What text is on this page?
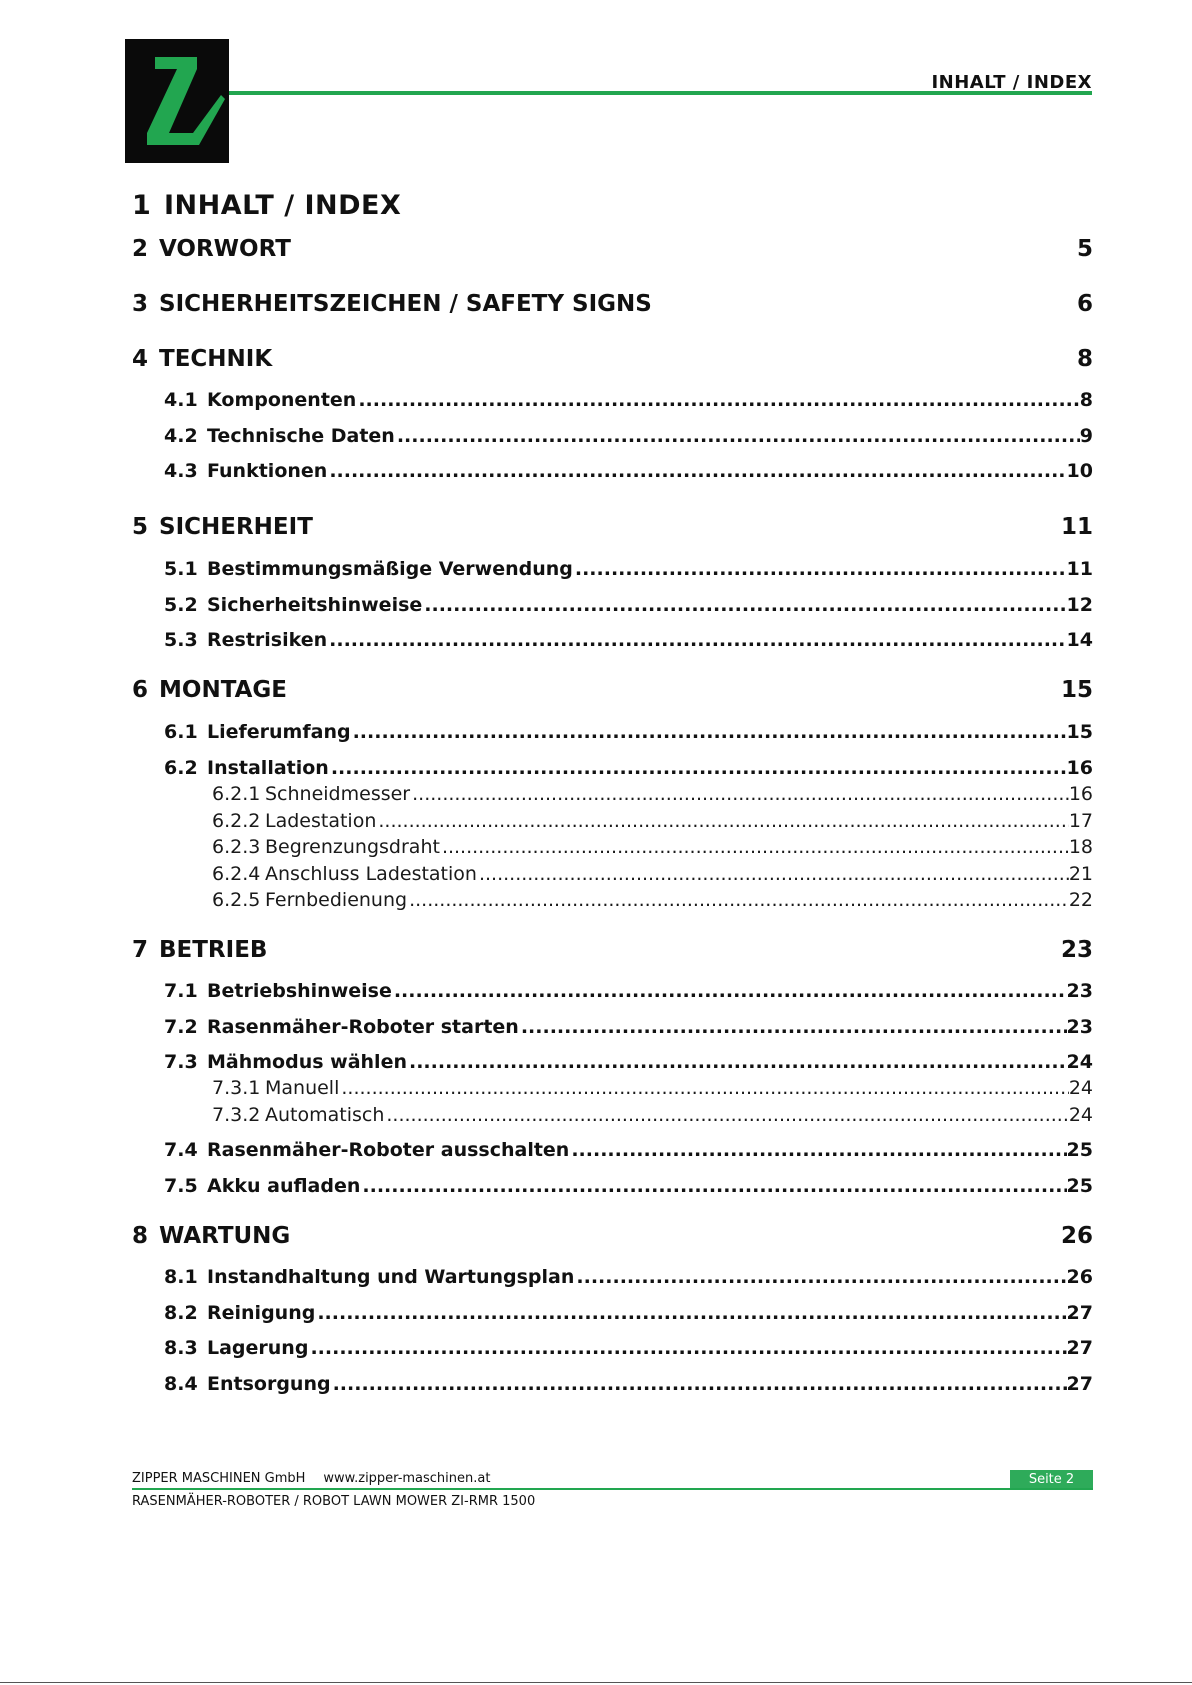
INHALT / INDEX
1 INHALT / INDEX
2 VORWORT	5
3 SICHERHEITSZEICHEN / SAFETY SIGNS	6
4 TECHNIK	8
4.1 Komponenten .....	8
4.2 Technische Daten .....	9
4.3 Funktionen .....	10
5 SICHERHEIT	11
5.1 Bestimmungsmäßige Verwendung .....	11
5.2 Sicherheitshinweise .....	12
5.3 Restrisiken .....	14
6 MONTAGE	15
6.1 Lieferumfang .....	15
6.2 Installation .....	16
6.2.1 Schneidmesser .....	16
6.2.2 Ladestation .....	17
6.2.3 Begrenzungsdraht .....	18
6.2.4 Anschluss Ladestation .....	21
6.2.5 Fernbedienung .....	22
7 BETRIEB	23
7.1 Betriebshinweise .....	23
7.2 Rasenmäher-Roboter starten .....	23
7.3 Mähmodus wählen .....	24
7.3.1 Manuell .....	24
7.3.2 Automatisch .....	24
7.4 Rasenmäher-Roboter ausschalten .....	25
7.5 Akku aufladen .....	25
8 WARTUNG	26
8.1 Instandhaltung und Wartungsplan .....	26
8.2 Reinigung .....	27
8.3 Lagerung .....	27
8.4 Entsorgung .....	27
ZIPPER MASCHINEN GmbH www.zipper-maschinen.at	Seite 2
RASENMÄHER-ROBOTER / ROBOT LAWN MOWER ZI-RMR 1500
